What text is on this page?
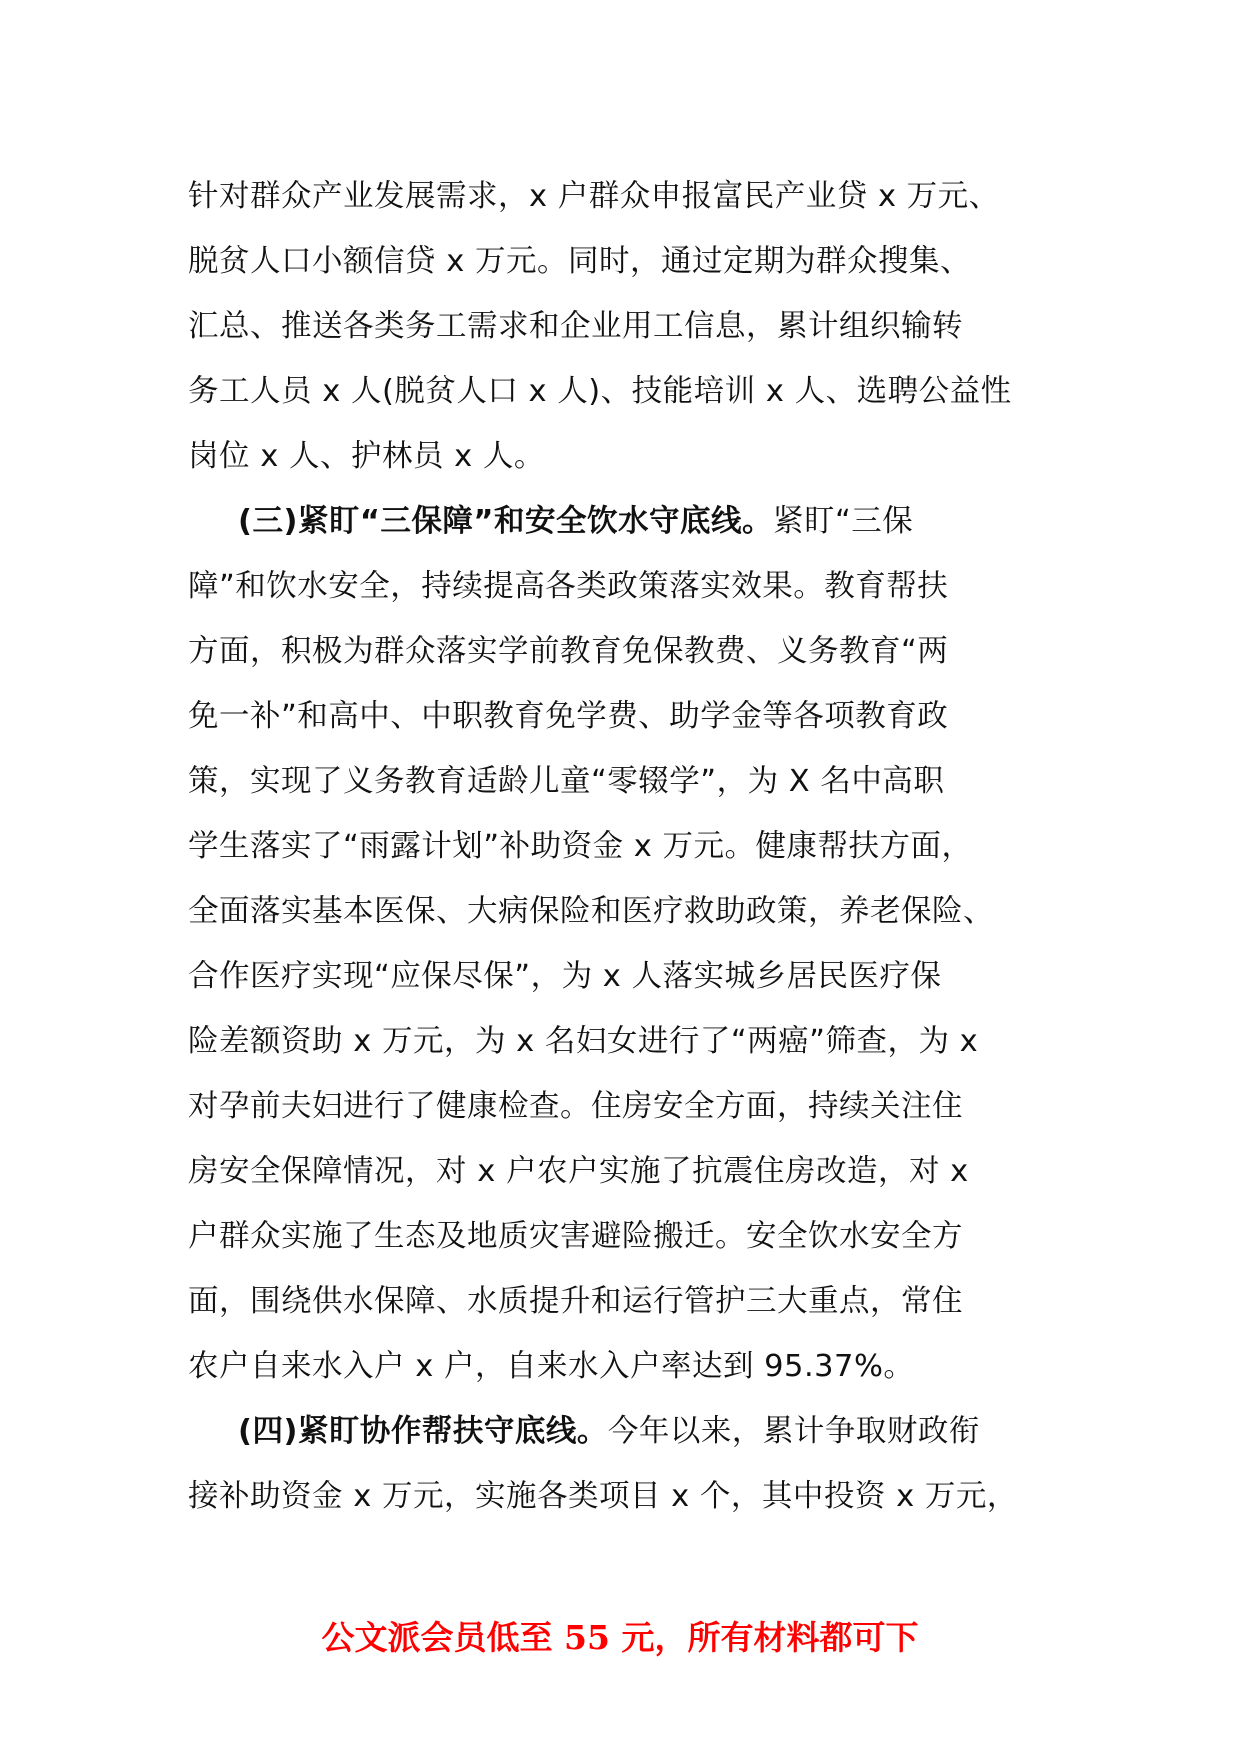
针对群众产业发展需求，x 户群众申报富民产业贷 x 万元、
脱贫人口小额信贷 x 万元。同时，通过定期为群众搜集、
汇总、推送各类务工需求和企业用工信息，累计组织输转
务工人员 x 人(脱贫人口 x 人)、技能培训 x 人、选聘公益性
岗位 x 人、护林员 x 人。
(三)紧盯“三保障”和安全饮水守底线。紧盯“三保
障”和饮水安全，持续提高各类政策落实效果。教育帮扶
方面，积极为群众落实学前教育免保教费、义务教育“两
免一补”和高中、中职教育免学费、助学金等各项教育政
策，实现了义务教育适龄儿童“零辍学”，为 X 名中高职
学生落实了“雨露计划”补助资金 x 万元。健康帮扶方面，
全面落实基本医保、大病保险和医疗救助政策，养老保险、
合作医疗实现“应保尽保”，为 x 人落实城乡居民医疗保
险差额资助 x 万元，为 x 名妇女进行了“两癌”筛查，为 x
对孕前夫妇进行了健康检查。住房安全方面，持续关注住
房安全保障情况，对 x 户农户实施了抗震住房改造，对 x
户群众实施了生态及地质灾害避险搬迁。安全饮水安全方
面，围绕供水保障、水质提升和运行管护三大重点，常住
农户自来水入户 x 户，自来水入户率达到 95.37%。
(四)紧盯协作帮扶守底线。今年以来，累计争取财政衔
接补助资金 x 万元，实施各类项目 x 个，其中投资 x 万元，
公文派会员低至 55 元，所有材料都可下
